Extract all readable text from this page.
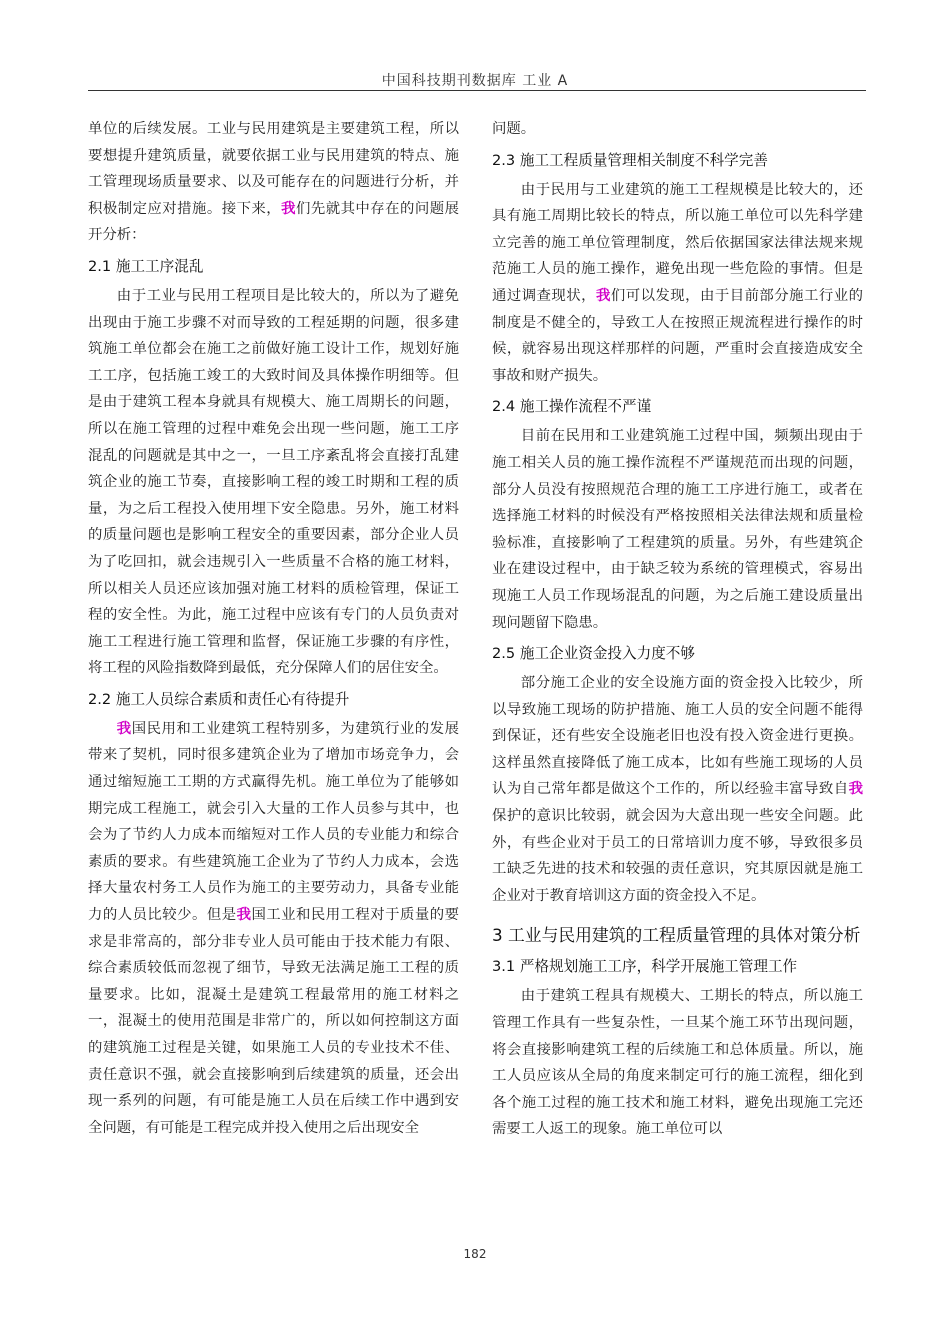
中国科技期刊数据库 工业 A

单位的后续发展。工业与民用建筑是主要建筑工程，所以要想提升建筑质量，就要依据工业与民用建筑的特点、施工管理现场质量要求、以及可能存在的问题进行分析，并积极制定应对措施。接下来，我们先就其中存在的问题展开分析：

2.1 施工工序混乱

由于工业与民用工程项目是比较大的，所以为了避免出现由于施工步骤不对而导致的工程延期的问题，很多建筑施工单位都会在施工之前做好施工设计工作，规划好施工工序，包括施工竣工的大致时间及具体操作明细等。但是由于建筑工程本身就具有规模大、施工周期长的问题，所以在施工管理的过程中难免会出现一些问题，施工工序混乱的问题就是其中之一，一旦工序紊乱将会直接打乱建筑企业的施工节奏，直接影响工程的竣工时期和工程的质量，为之后工程投入使用埋下安全隐患。另外，施工材料的质量问题也是影响工程安全的重要因素，部分企业人员为了吃回扣，就会违规引入一些质量不合格的施工材料，所以相关人员还应该加强对施工材料的质检管理，保证工程的安全性。为此，施工过程中应该有专门的人员负责对施工工程进行施工管理和监督，保证施工步骤的有序性，将工程的风险指数降到最低，充分保障人们的居住安全。

2.2 施工人员综合素质和责任心有待提升

我国民用和工业建筑工程特别多，为建筑行业的发展带来了契机，同时很多建筑企业为了增加市场竞争力，会通过缩短施工工期的方式赢得先机。施工单位为了能够如期完成工程施工，就会引入大量的工作人员参与其中，也会为了节约人力成本而缩短对工作人员的专业能力和综合素质的要求。有些建筑施工企业为了节约人力成本，会选择大量农村务工人员作为施工的主要劳动力，具备专业能力的人员比较少。但是我国工业和民用工程对于质量的要求是非常高的，部分非专业人员可能由于技术能力有限、综合素质较低而忽视了细节，导致无法满足施工工程的质量要求。比如，混凝土是建筑工程最常用的施工材料之一，混凝土的使用范围是非常广的，所以如何控制这方面的建筑施工过程是关键，如果施工人员的专业技术不佳、责任意识不强，就会直接影响到后续建筑的质量，还会出现一系列的问题，有可能是施工人员在后续工作中遇到安全问题，有可能是工程完成并投入使用之后出现安全

问题。

2.3 施工工程质量管理相关制度不科学完善

由于民用与工业建筑的施工工程规模是比较大的，还具有施工周期比较长的特点，所以施工单位可以先科学建立完善的施工单位管理制度，然后依据国家法律法规来规范施工人员的施工操作，避免出现一些危险的事情。但是通过调查现状，我们可以发现，由于目前部分施工行业的制度是不健全的，导致工人在按照正规流程进行操作的时候，就容易出现这样那样的问题，严重时会直接造成安全事故和财产损失。

2.4 施工操作流程不严谨

目前在民用和工业建筑施工过程中国，频频出现由于施工相关人员的施工操作流程不严谨规范而出现的问题，部分人员没有按照规范合理的施工工序进行施工，或者在选择施工材料的时候没有严格按照相关法律法规和质量检验标准，直接影响了工程建筑的质量。另外，有些建筑企业在建设过程中，由于缺乏较为系统的管理模式，容易出现施工人员工作现场混乱的问题，为之后施工建设质量出现问题留下隐患。

2.5 施工企业资金投入力度不够

部分施工企业的安全设施方面的资金投入比较少，所以导致施工现场的防护措施、施工人员的安全问题不能得到保证，还有些安全设施老旧也没有投入资金进行更换。这样虽然直接降低了施工成本，比如有些施工现场的人员认为自己常年都是做这个工作的，所以经验丰富导致自我保护的意识比较弱，就会因为大意出现一些安全问题。此外，有些企业对于员工的日常培训力度不够，导致很多员工缺乏先进的技术和较强的责任意识，究其原因就是施工企业对于教育培训这方面的资金投入不足。

3 工业与民用建筑的工程质量管理的具体对策分析
3.1 严格规划施工工序，科学开展施工管理工作

由于建筑工程具有规模大、工期长的特点，所以施工管理工作具有一些复杂性，一旦某个施工环节出现问题，将会直接影响建筑工程的后续施工和总体质量。所以，施工人员应该从全局的角度来制定可行的施工流程，细化到各个施工过程的施工技术和施工材料，避免出现施工完还需要工人返工的现象。施工单位可以

182
